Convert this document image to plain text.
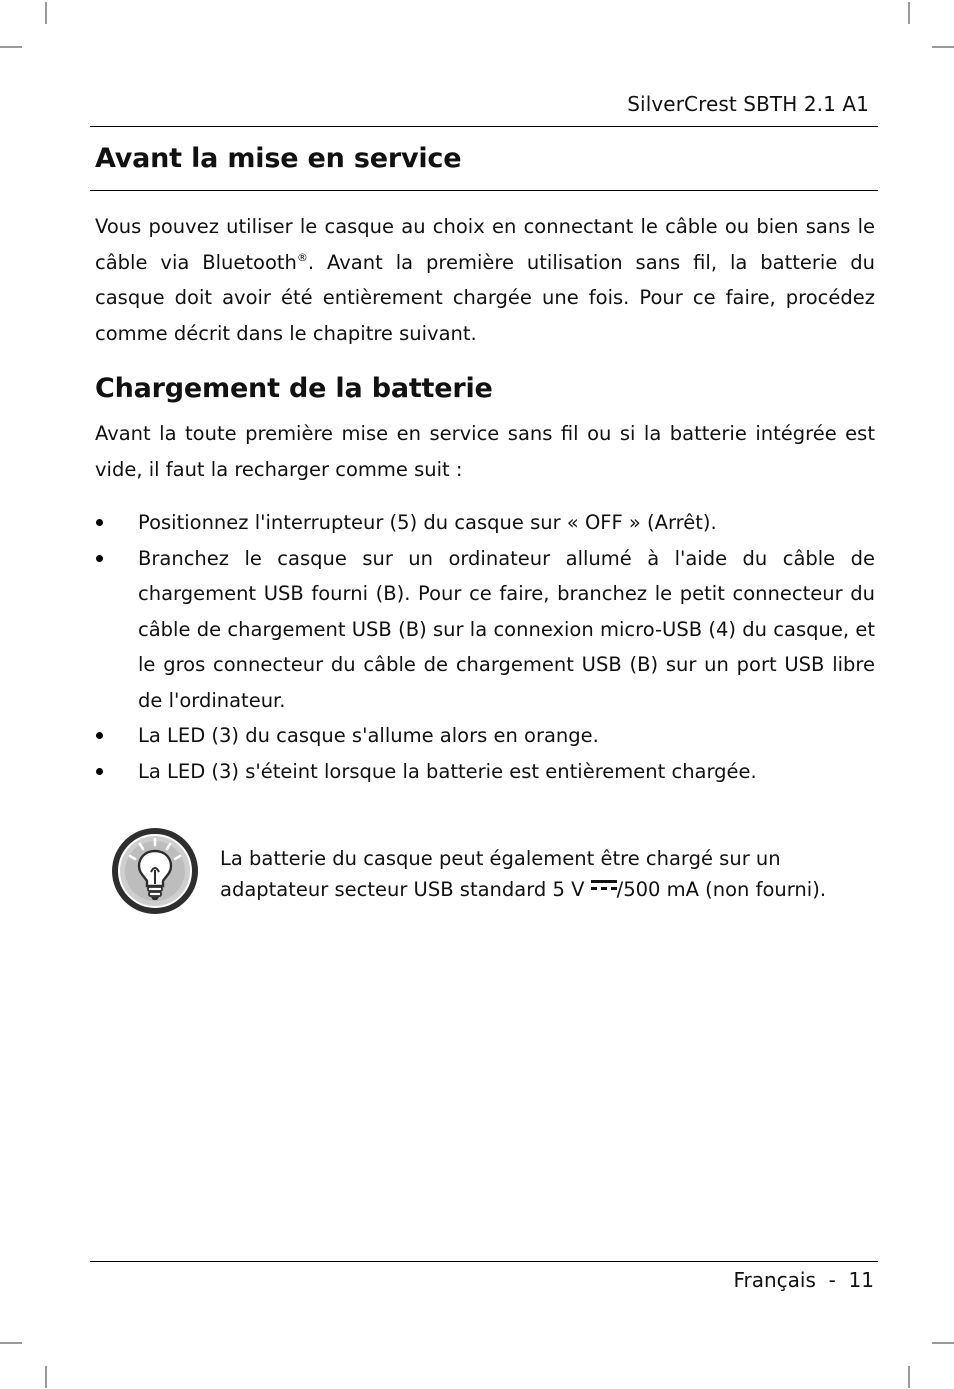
SilverCrest SBTH 2.1 A1
Avant la mise en service

Vous pouvez utiliser le casque au choix en connectant le câble ou bien sans le câble via Bluetooth®. Avant la première utilisation sans fil, la batterie du casque doit avoir été entièrement chargée une fois. Pour ce faire, procédez comme décrit dans le chapitre suivant.

Chargement de la batterie

Avant la toute première mise en service sans fil ou si la batterie intégrée est vide, il faut la recharger comme suit :

Positionnez l'interrupteur (5) du casque sur « OFF » (Arrêt).
Branchez le casque sur un ordinateur allumé à l'aide du câble de chargement USB fourni (B). Pour ce faire, branchez le petit connecteur du câble de chargement USB (B) sur la connexion micro-USB (4) du casque, et le gros connecteur du câble de chargement USB (B) sur un port USB libre de l'ordinateur.
La LED (3) du casque s'allume alors en orange.
La LED (3) s'éteint lorsque la batterie est entièrement chargée.

La batterie du casque peut également être chargé sur un adaptateur secteur USB standard 5 V /500 mA (non fourni).

Français  -  11
